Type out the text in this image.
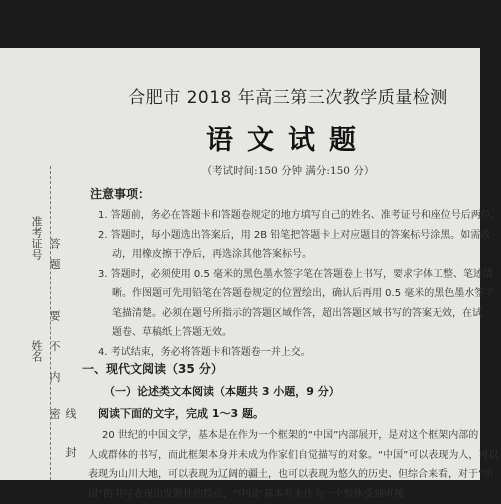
准考证号
姓名
答 题
要 不 内
线 封 密
合肥市 2018 年高三第三次教学质量检测
语文试题
（考试时间:150 分钟 满分:150 分）
注意事项：

1. 答题前，务必在答题卡和答题卷规定的地方填写自己的姓名、准考证号和座位号后两位。

2. 答题时，每小题选出答案后，用 2B 铅笔把答题卡上对应题目的答案标号涂黑。如需改

动，用橡皮擦干净后，再选涂其他答案标号。

3. 答题时，必须使用 0.5 毫米的黑色墨水签字笔在答题卷上书写，要求字体工整、笔迹清

晰。作图题可先用铅笔在答题卷规定的位置绘出，确认后再用 0.5 毫米的黑色墨水签字

笔描清楚。必须在题号所指示的答题区域作答，超出答题区域书写的答案无效，在试

题卷、草稿纸上答题无效。

4. 考试结束，务必将答题卡和答题卷一并上交。

一、现代文阅读（35 分）
（一）论述类文本阅读（本题共 3 小题，9 分）
阅读下面的文字，完成 1～3 题。

20 世纪的中国文学，基本是在作为一个框架的“中国”内部展开，是对这个框架内部的

人或群体的书写，而此框架本身并未成为作家们自觉描写的对象。“中国”可以表现为人，可以

表现为山川大地，可以表现为辽阔的疆土，也可以表现为悠久的历史、但综合来看，对于“中

国”的书写表现出发散性的特点，“中国”基本并未作为一个整体受到审视
